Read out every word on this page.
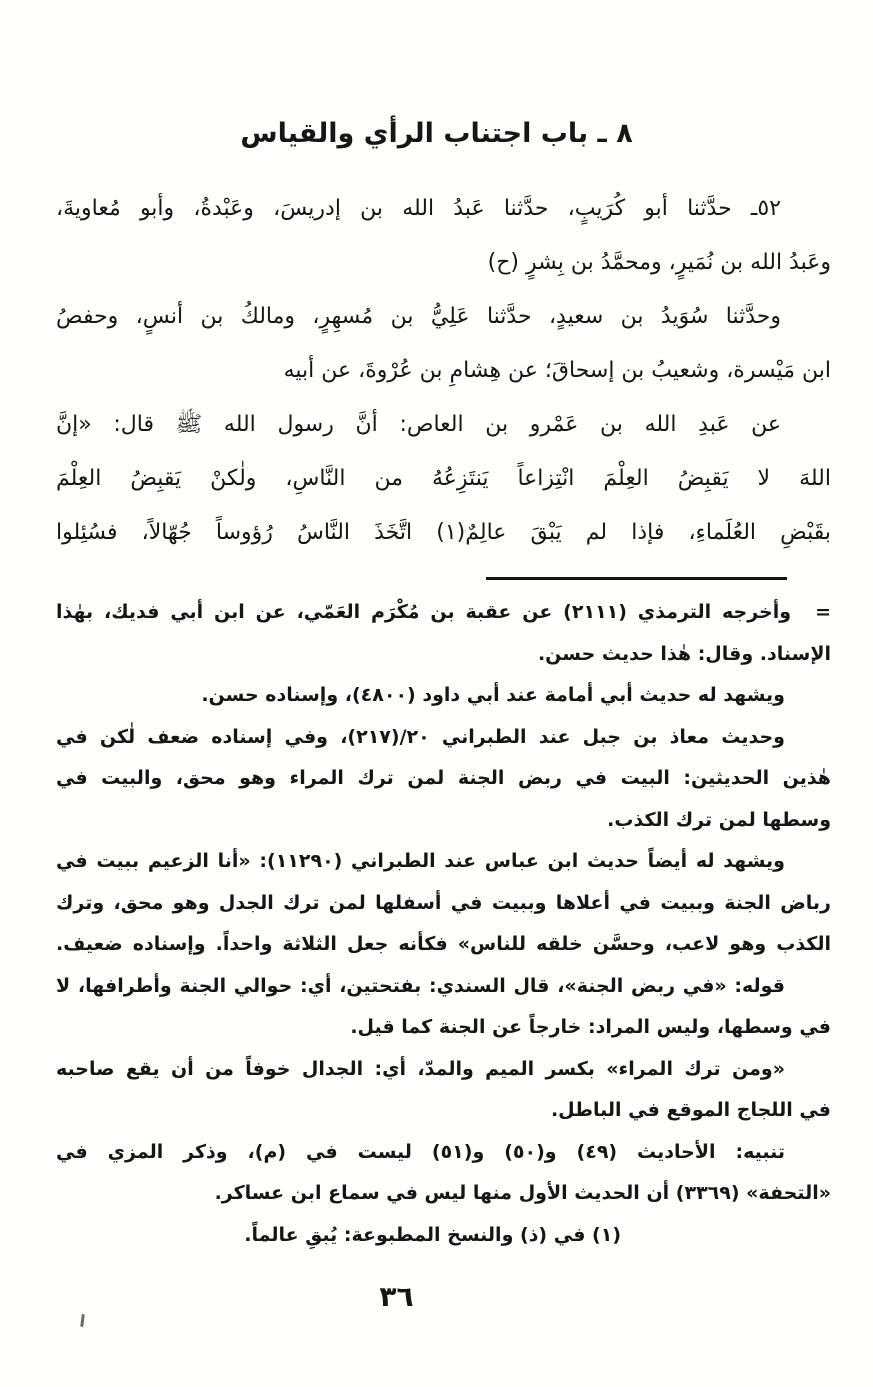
٨ ـ باب اجتناب الرأي والقياس
٥٢ـ حدَّثنا أبو كُرَيبٍ، حدَّثنا عَبدُ الله بن إدريسَ، وعَبْدةُ، وأبو مُعاويةَ،
وعَبدُ الله بن نُمَيرٍ، ومحمَّدُ بن بِشرٍ (ح)
وحدَّثنا سُوَيدُ بن سعيدٍ، حدَّثنا عَلِيُّ بن مُسهِرٍ، ومالكُ بن أنسٍ، وحفصُ
ابن مَيْسرة، وشعيبُ بن إسحاقَ؛ عن هِشامِ بن عُرْوةَ، عن أبيه
عن عَبدِ الله بن عَمْرو بن العاص: أنَّ رسول الله ﷺ قال: «إنَّ
اللهَ لا يَقبِضُ العِلْمَ انْتِزاعاً يَنتَزِعُهُ من النَّاسِ، ولٰكنْ يَقبِضُ العِلْمَ
بقَبْضِ العُلَماءِ، فإذا لم يَبْقَ عالِمٌ(١) اتَّخَذَ النَّاسُ رُؤوساً جُهّالاً، فسُئِلوا
=
وأخرجه الترمذي (٢١١١) عن عقبة بن مُكْرَم العَمّي، عن ابن أبي فديك، بهٰذا
الإسناد. وقال: هٰذا حديث حسن.
ويشهد له حديث أبي أمامة عند أبي داود (٤٨٠٠)، وإسناده حسن.
وحديث معاذ بن جبل عند الطبراني ٢٠/(٢١٧)، وفي إسناده ضعف لٰكن في
هٰذين الحديثين: البيت في ربض الجنة لمن ترك المراء وهو محق، والبيت في
وسطها لمن ترك الكذب.
ويشهد له أيضاً حديث ابن عباس عند الطبراني (١١٢٩٠): «أنا الزعيم ببيت في
رباض الجنة وببيت في أعلاها وببيت في أسفلها لمن ترك الجدل وهو محق، وترك
الكذب وهو لاعب، وحسَّن خلقه للناس» فكأنه جعل الثلاثة واحداً. وإسناده ضعيف.
قوله: «في ربض الجنة»، قال السندي: بفتحتين، أي: حوالي الجنة وأطرافها، لا
في وسطها، وليس المراد: خارجاً عن الجنة كما قيل.
«ومن ترك المراء» بكسر الميم والمدّ، أي: الجدال خوفاً من أن يقع صاحبه
في اللجاج الموقع في الباطل.
تنبيه: الأحاديث (٤٩) و(٥٠) و(٥١) ليست في (م)، وذكر المزي في
«التحفة» (٣٣٦٩) أن الحديث الأول منها ليس في سماع ابن عساكر.
(١) في (ذ) والنسخ المطبوعة: يُبقِ عالماً.
٣٦
